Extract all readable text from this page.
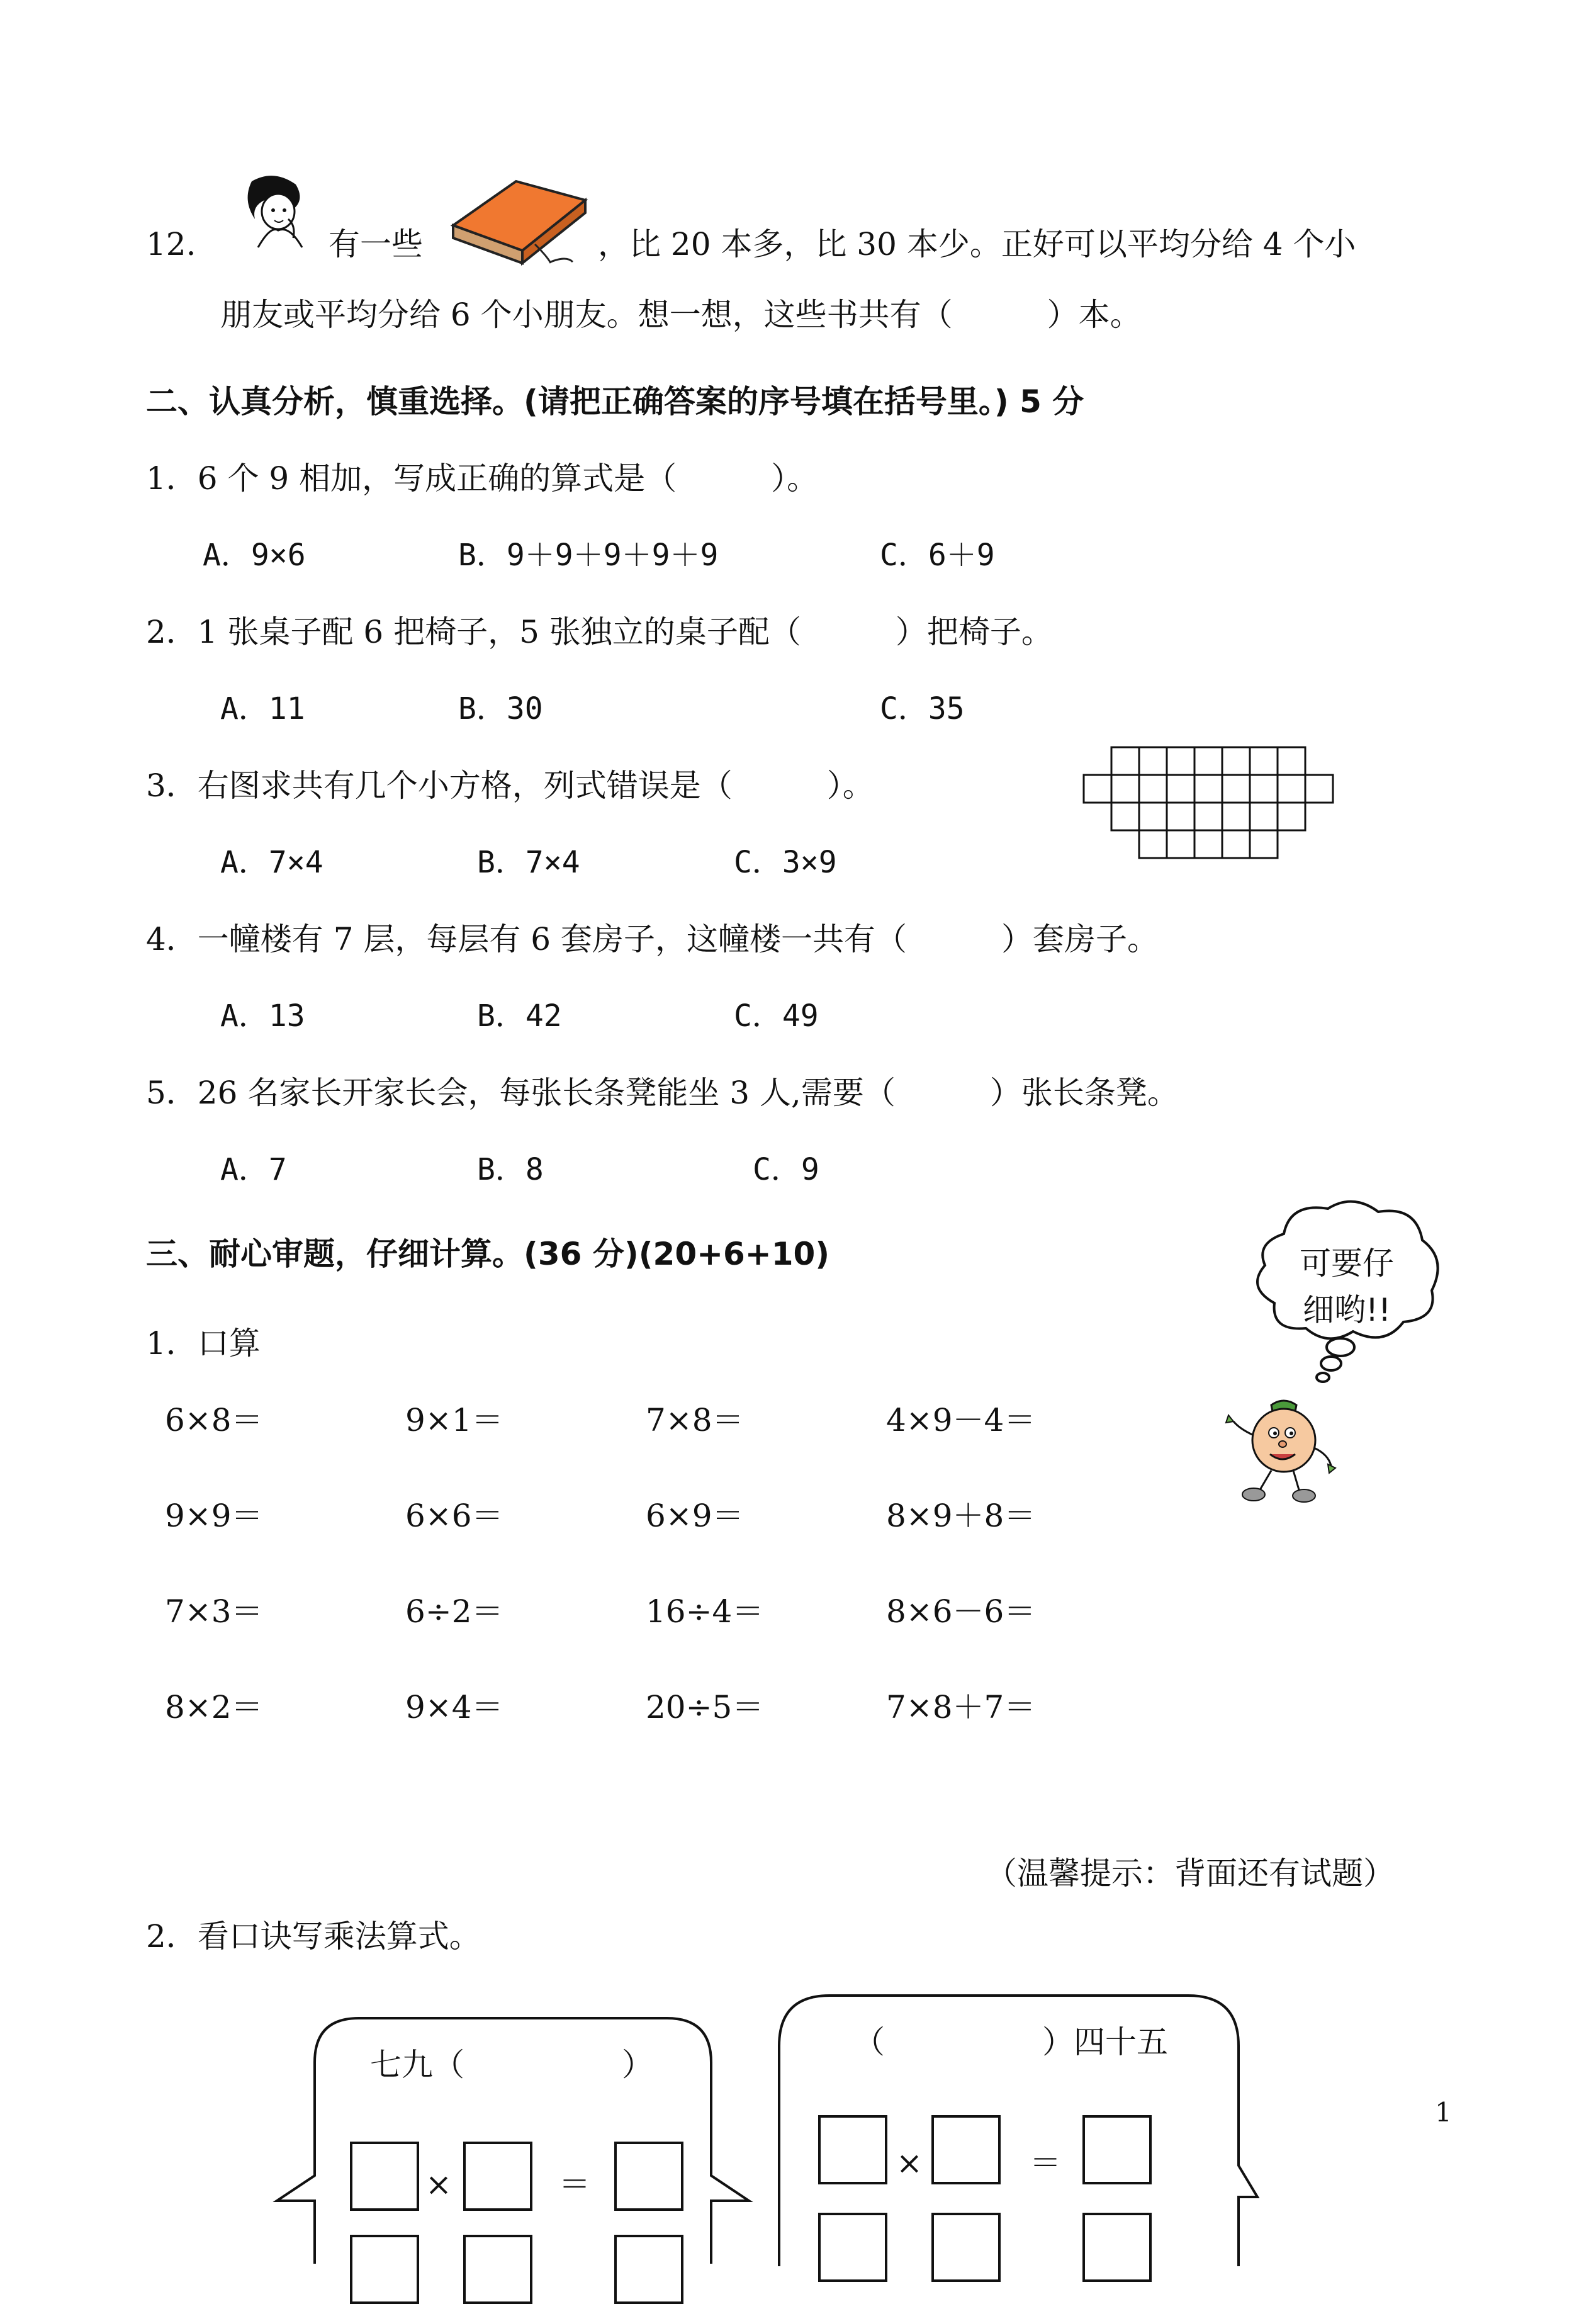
12.	有一些	，比 20 本多，比 30 本少。正好可以平均分给 4 个小
朋友或平均分给 6 个小朋友。想一想，这些书共有（　　　）本。
二、认真分析，慎重选择。(请把正确答案的序号填在括号里。) 5 分
1．6 个 9 相加，写成正确的算式是（　　　）。
A．9×6	B．9＋9＋9＋9＋9	C．6＋9
2．1 张桌子配 6 把椅子，5 张独立的桌子配（　　　）把椅子。
A．11	B．30	C．35
3．右图求共有几个小方格，列式错误是（　　　）。
A．7×4	B．7×4	C．3×9
4．一幢楼有 7 层，每层有 6 套房子，这幢楼一共有（　　　）套房子。
A．13	B．42	C．49
5．26 名家长开家长会，每张长条凳能坐 3 人,需要（　　　）张长条凳。
A．7	B．8	C．9
三、耐心审题，仔细计算。(36 分)(20+6+10)	可要仔
细哟!!
1．口算
6×8＝	9×1＝	7×8＝	4×9－4＝
9×9＝	6×6＝	6×9＝	8×9＋8＝
7×3＝	6÷2＝	16÷4＝	8×6－6＝
8×2＝	9×4＝	20÷5＝	7×8＋7＝
（温馨提示：背面还有试题）
2．看口诀写乘法算式。
七九（　　　　　）
×	＝
（　　　　　）四十五
×	＝
1
